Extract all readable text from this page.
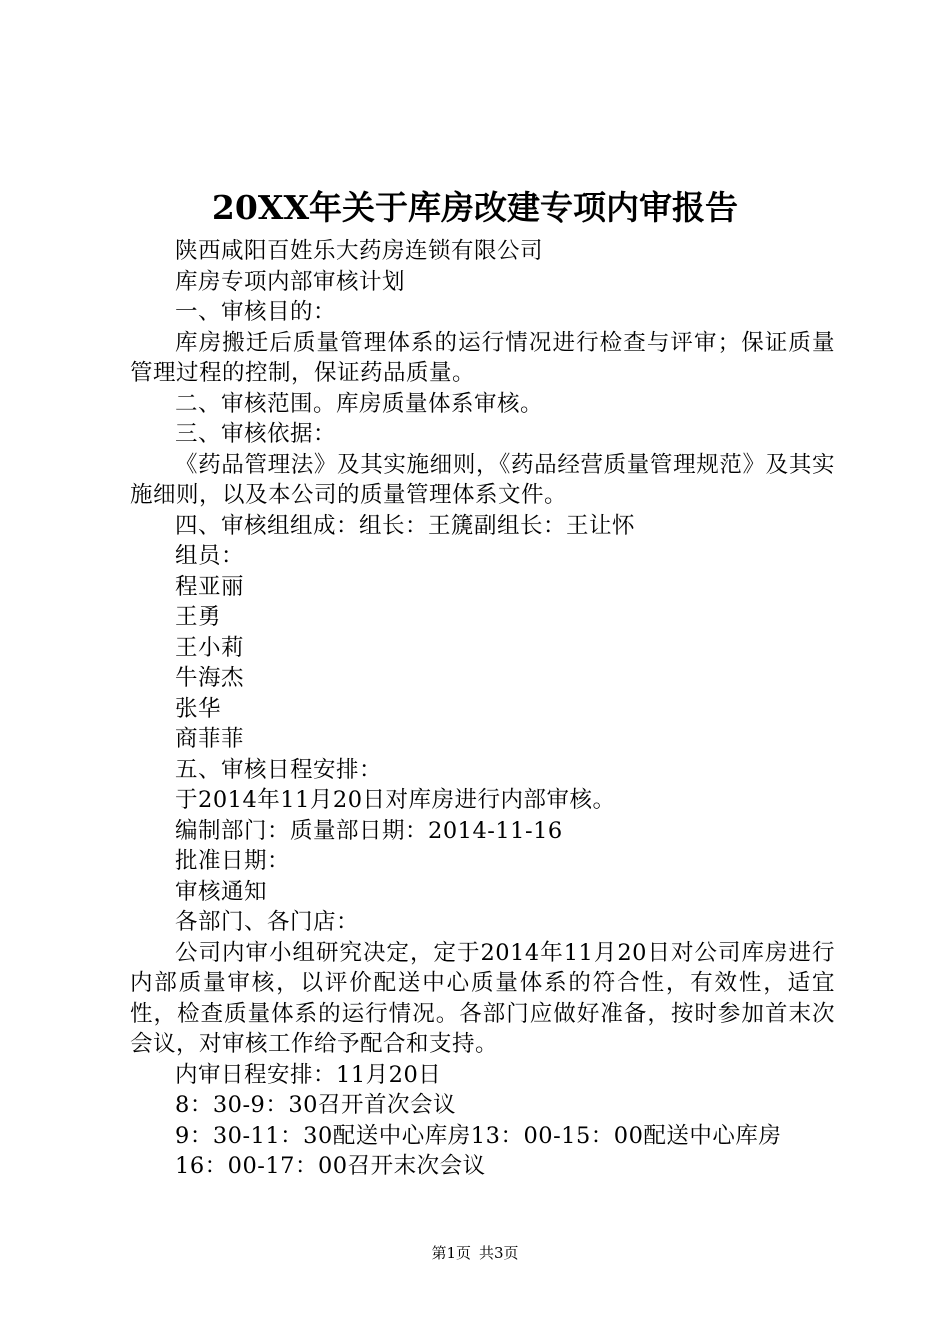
20XX年关于库房改建专项内审报告

陕西咸阳百姓乐大药房连锁有限公司

库房专项内部审核计划

一、审核目的：

库房搬迁后质量管理体系的运行情况进行检查与评审；保证质量管理过程的控制，保证药品质量。

二、审核范围。库房质量体系审核。

三、审核依据：

《药品管理法》及其实施细则，《药品经营质量管理规范》及其实施细则，以及本公司的质量管理体系文件。

四、审核组组成：组长：王篪副组长：王让怀

组员：

程亚丽

王勇

王小莉

牛海杰

张华

商菲菲

五、审核日程安排：

于2014年11月20日对库房进行内部审核。

编制部门：质量部日期：2014-11-16

批准日期：

审核通知

各部门、各门店：

公司内审小组研究决定，定于2014年11月20日对公司库房进行内部质量审核，以评价配送中心质量体系的符合性，有效性，适宜性，检查质量体系的运行情况。各部门应做好准备，按时参加首末次会议，对审核工作给予配合和支持。

内审日程安排：11月20日

8：30-9：30召开首次会议

9：30-11：30配送中心库房13：00-15：00配送中心库房

16：00-17：00召开末次会议

第1页 共3页
